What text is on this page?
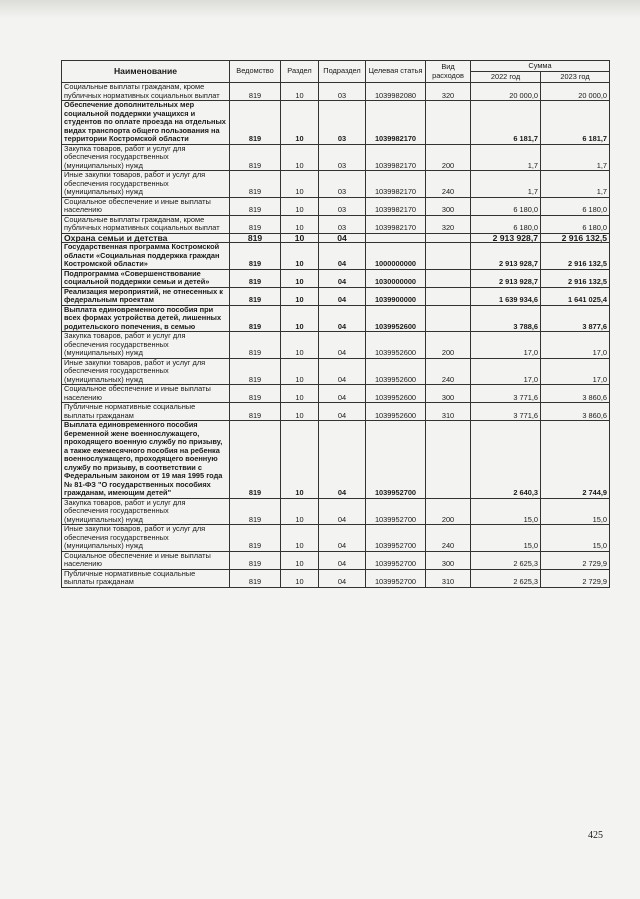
Наименование	Ведомство	Раздел	Подраздел	Целевая статья	Вид расходов	Сумма	
						2022 год	2023 год
Социальные выплаты гражданам, кроме публичных нормативных социальных выплат	819	10	03	1039982080	320	20 000,0	20 000,0
Обеспечение дополнительных мер социальной поддержки учащихся и студентов по оплате проезда на отдельных видах транспорта общего пользования на территории Костромской области	819	10	03	1039982170		6 181,7	6 181,7
Закупка товаров, работ и услуг для обеспечения государственных (муниципальных) нужд	819	10	03	1039982170	200	1,7	1,7
Иные закупки товаров, работ и услуг для обеспечения государственных (муниципальных) нужд	819	10	03	1039982170	240	1,7	1,7
Социальное обеспечение и иные выплаты населению	819	10	03	1039982170	300	6 180,0	6 180,0
Социальные выплаты гражданам, кроме публичных нормативных социальных выплат	819	10	03	1039982170	320	6 180,0	6 180,0
Охрана семьи и детства	819	10	04			2 913 928,7	2 916 132,5
Государственная программа Костромской области «Социальная поддержка граждан Костромской области»	819	10	04	1000000000		2 913 928,7	2 916 132,5
Подпрограмма «Совершенствование социальной поддержки семьи и детей»	819	10	04	1030000000		2 913 928,7	2 916 132,5
Реализация мероприятий, не отнесенных к федеральным проектам	819	10	04	1039900000		1 639 934,6	1 641 025,4
Выплата единовременного пособия при всех формах устройства детей, лишенных родительского попечения, в семью	819	10	04	1039952600		3 788,6	3 877,6
Закупка товаров, работ и услуг для обеспечения государственных (муниципальных) нужд	819	10	04	1039952600	200	17,0	17,0
Иные закупки товаров, работ и услуг для обеспечения государственных (муниципальных) нужд	819	10	04	1039952600	240	17,0	17,0
Социальное обеспечение и иные выплаты населению	819	10	04	1039952600	300	3 771,6	3 860,6
Публичные нормативные социальные выплаты гражданам	819	10	04	1039952600	310	3 771,6	3 860,6
Выплата единовременного пособия беременной жене военнослужащего, проходящего военную службу по призыву, а также ежемесячного пособия на ребенка военнослужащего, проходящего военную службу по призыву, в соответствии с Федеральным законом от 19 мая 1995 года № 81-ФЗ "О государственных пособиях гражданам, имеющим детей"	819	10	04	1039952700		2 640,3	2 744,9
Закупка товаров, работ и услуг для обеспечения государственных (муниципальных) нужд	819	10	04	1039952700	200	15,0	15,0
Иные закупки товаров, работ и услуг для обеспечения государственных (муниципальных) нужд	819	10	04	1039952700	240	15,0	15,0
Социальное обеспечение и иные выплаты населению	819	10	04	1039952700	300	2 625,3	2 729,9
Публичные нормативные социальные выплаты гражданам	819	10	04	1039952700	310	2 625,3	2 729,9
425
